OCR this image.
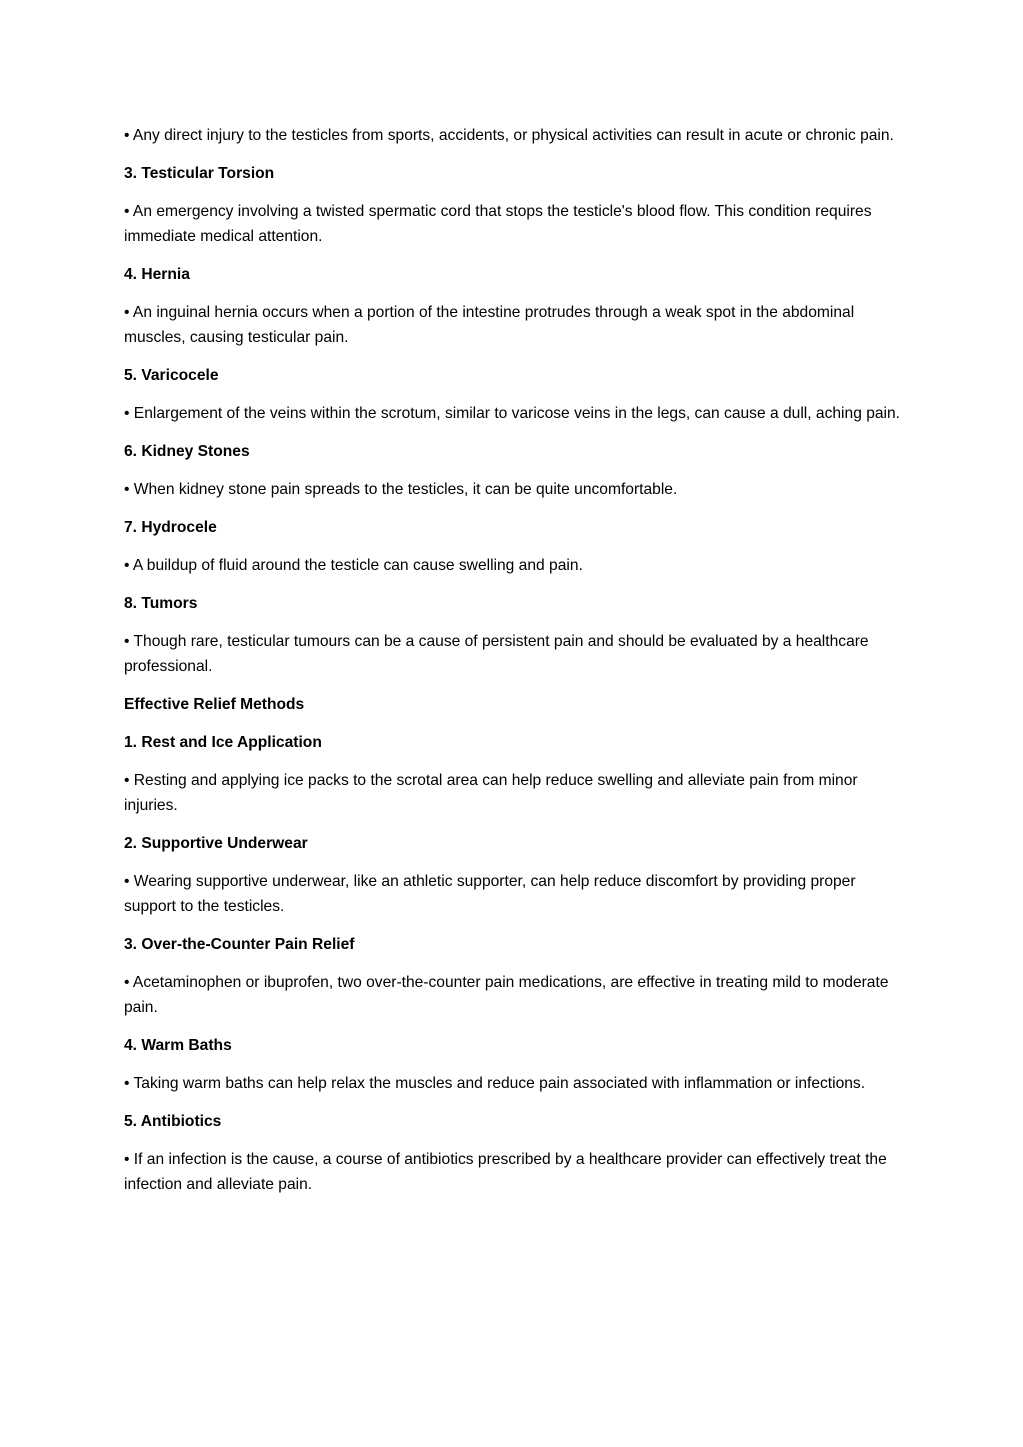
• Any direct injury to the testicles from sports, accidents, or physical activities can result in acute or chronic pain.

3. Testicular Torsion

• An emergency involving a twisted spermatic cord that stops the testicle's blood flow. This condition requires immediate medical attention.

4. Hernia

• An inguinal hernia occurs when a portion of the intestine protrudes through a weak spot in the abdominal muscles, causing testicular pain.

5. Varicocele

• Enlargement of the veins within the scrotum, similar to varicose veins in the legs, can cause a dull, aching pain.

6. Kidney Stones

• When kidney stone pain spreads to the testicles, it can be quite uncomfortable.

7. Hydrocele

• A buildup of fluid around the testicle can cause swelling and pain.

8. Tumors

• Though rare, testicular tumours can be a cause of persistent pain and should be evaluated by a healthcare professional.

Effective Relief Methods

1. Rest and Ice Application

• Resting and applying ice packs to the scrotal area can help reduce swelling and alleviate pain from minor injuries.

2. Supportive Underwear

• Wearing supportive underwear, like an athletic supporter, can help reduce discomfort by providing proper support to the testicles.

3. Over-the-Counter Pain Relief

• Acetaminophen or ibuprofen, two over-the-counter pain medications, are effective in treating mild to moderate pain.

4. Warm Baths

• Taking warm baths can help relax the muscles and reduce pain associated with inflammation or infections.

5. Antibiotics

• If an infection is the cause, a course of antibiotics prescribed by a healthcare provider can effectively treat the infection and alleviate pain.
